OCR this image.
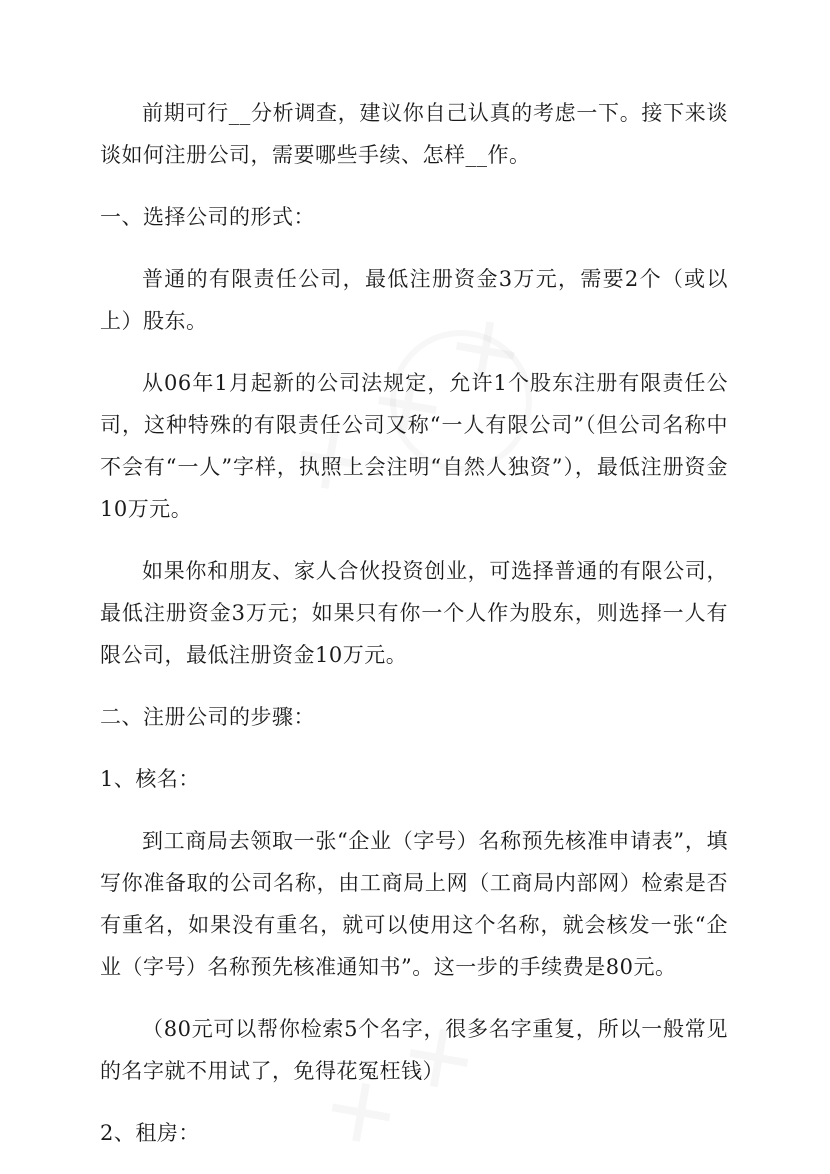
前期可行__分析调查，建议你自己认真的考虑一下。接下来谈谈如何注册公司，需要哪些手续、怎样__作。

一、选择公司的形式：

普通的有限责任公司，最低注册资金3万元，需要2个（或以上）股东。

从06年1月起新的公司法规定，允许1个股东注册有限责任公司，这种特殊的有限责任公司又称“一人有限公司”（但公司名称中不会有“一人”字样，执照上会注明“自然人独资”），最低注册资金10万元。

如果你和朋友、家人合伙投资创业，可选择普通的有限公司，最低注册资金3万元；如果只有你一个人作为股东，则选择一人有限公司，最低注册资金10万元。

二、注册公司的步骤：

1、核名：

到工商局去领取一张“企业（字号）名称预先核准申请表”，填写你准备取的公司名称，由工商局上网（工商局内部网）检索是否有重名，如果没有重名，就可以使用这个名称，就会核发一张“企业（字号）名称预先核准通知书”。这一步的手续费是80元。

（80元可以帮你检索5个名字，很多名字重复，所以一般常见的名字就不用试了，免得花冤枉钱）

2、租房：
